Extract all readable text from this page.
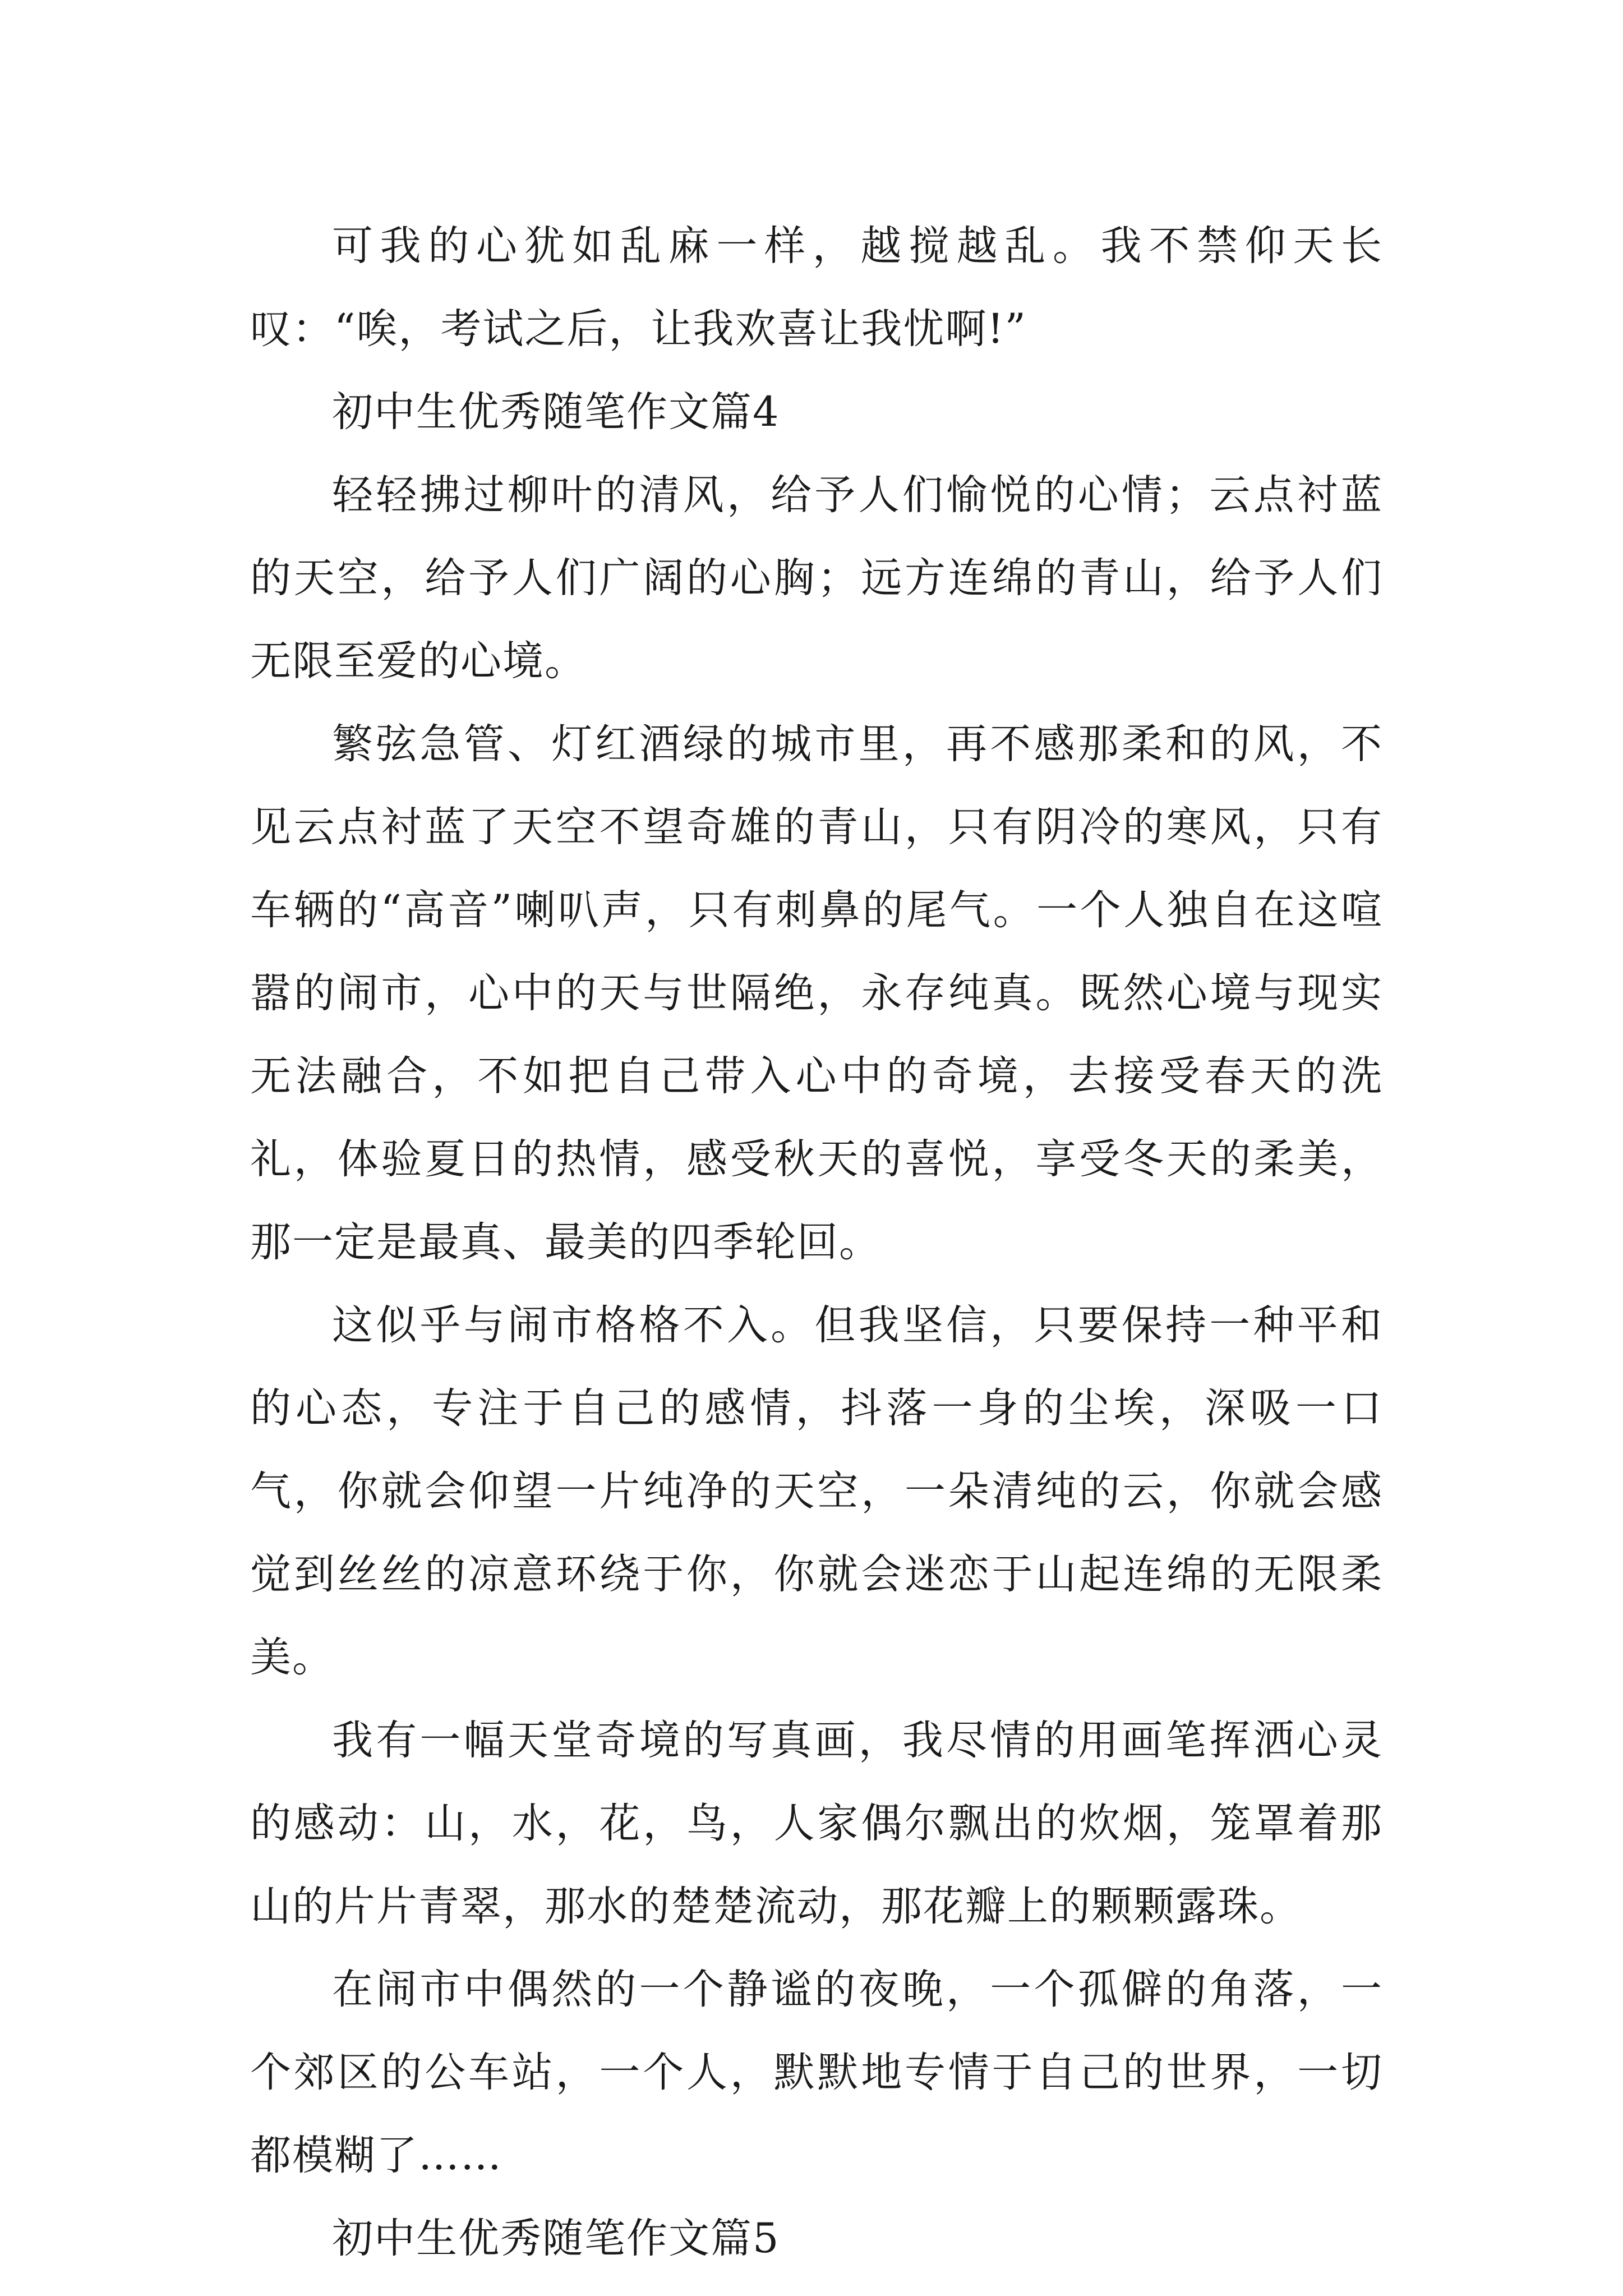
可我的心犹如乱麻一样，越搅越乱。我不禁仰天长叹：“唉，考试之后，让我欢喜让我忧啊!”

初中生优秀随笔作文篇4

轻轻拂过柳叶的清风，给予人们愉悦的心情；云点衬蓝的天空，给予人们广阔的心胸；远方连绵的青山，给予人们无限至爱的心境。

繁弦急管、灯红酒绿的城市里，再不感那柔和的风，不见云点衬蓝了天空不望奇雄的青山，只有阴冷的寒风，只有车辆的“高音”喇叭声，只有刺鼻的尾气。一个人独自在这喧嚣的闹市，心中的天与世隔绝，永存纯真。既然心境与现实无法融合，不如把自己带入心中的奇境，去接受春天的洗礼，体验夏日的热情，感受秋天的喜悦，享受冬天的柔美，那一定是最真、最美的四季轮回。

这似乎与闹市格格不入。但我坚信，只要保持一种平和的心态，专注于自己的感情，抖落一身的尘埃，深吸一口气，你就会仰望一片纯净的天空，一朵清纯的云，你就会感觉到丝丝的凉意环绕于你，你就会迷恋于山起连绵的无限柔美。

我有一幅天堂奇境的写真画，我尽情的用画笔挥洒心灵的感动：山，水，花，鸟，人家偶尔飘出的炊烟，笼罩着那山的片片青翠，那水的楚楚流动，那花瓣上的颗颗露珠。

在闹市中偶然的一个静谧的夜晚，一个孤僻的角落，一个郊区的公车站，一个人，默默地专情于自己的世界，一切都模糊了……

初中生优秀随笔作文篇5
